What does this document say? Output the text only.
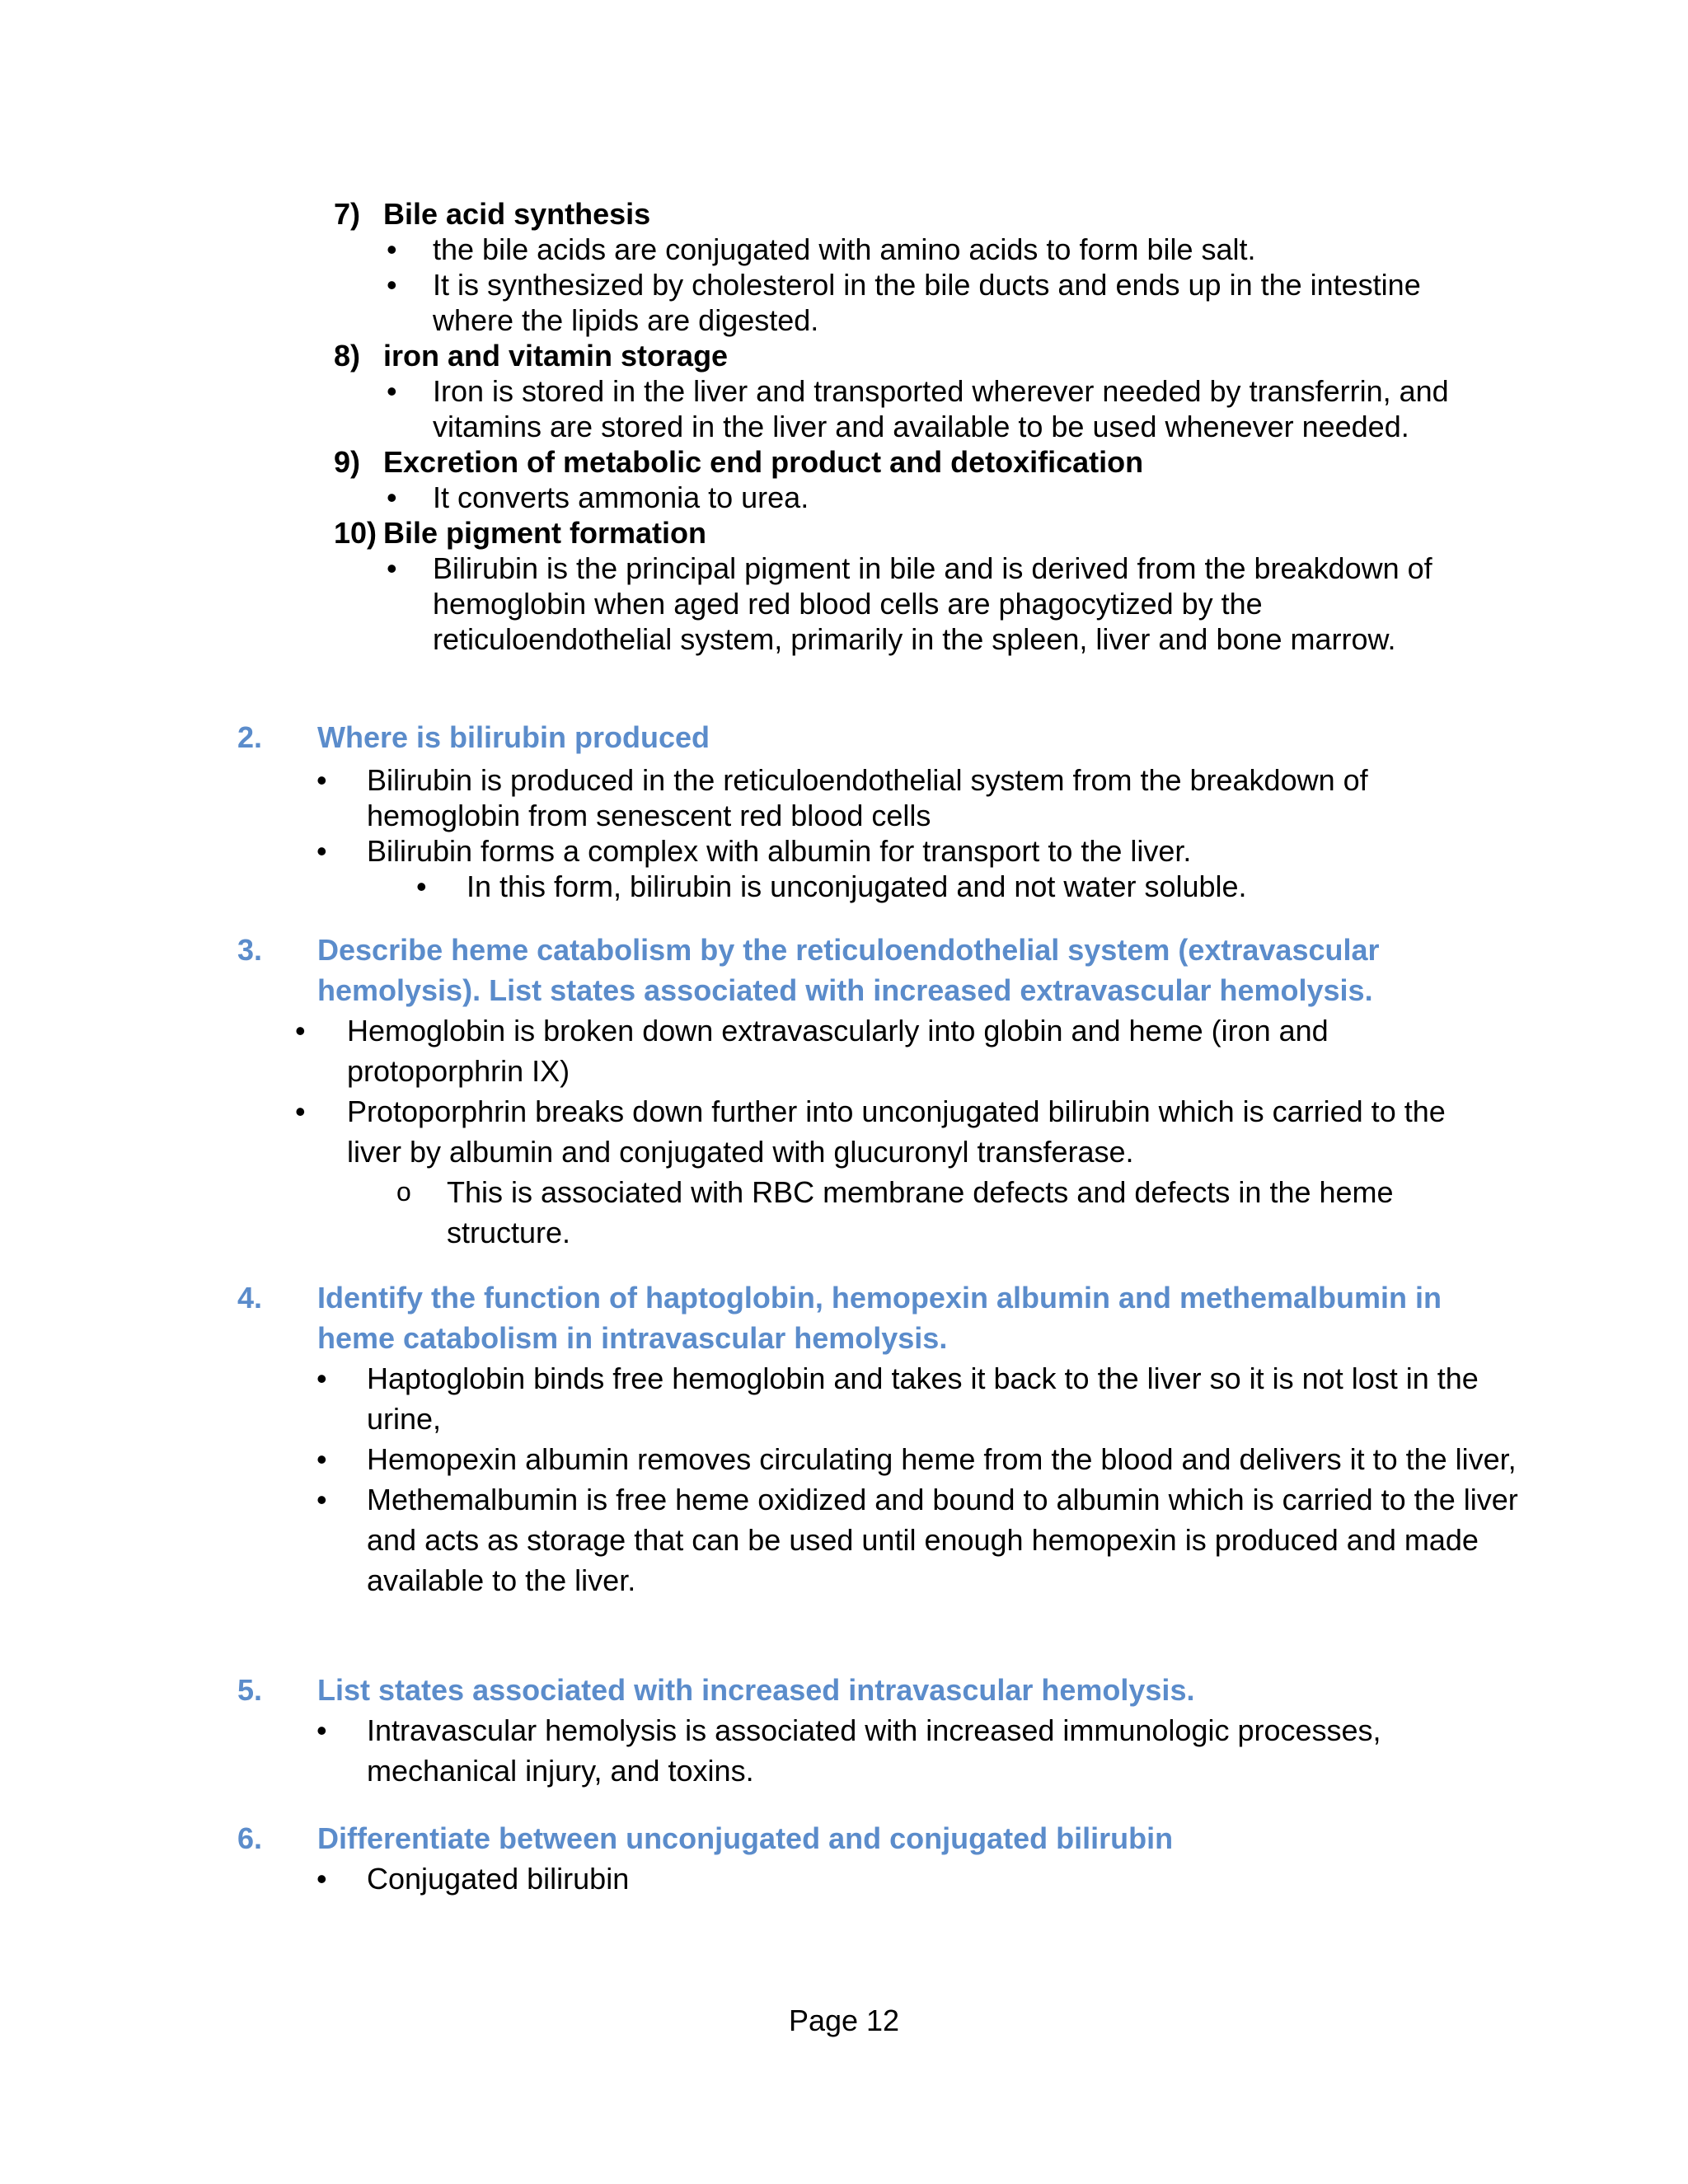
7) Bile acid synthesis
• the bile acids are conjugated with amino acids to form bile salt.
• It is synthesized by cholesterol in the bile ducts and ends up in the intestine where the lipids are digested.
8) iron and vitamin storage
• Iron is stored in the liver and transported wherever needed by transferrin, and vitamins are stored in the liver and available to be used whenever needed.
9) Excretion of metabolic end product and detoxification
• It converts ammonia to urea.
10) Bile pigment formation
• Bilirubin is the principal pigment in bile and is derived from the breakdown of hemoglobin when aged red blood cells are phagocytized by the reticuloendothelial system, primarily in the spleen, liver and bone marrow.
2. Where is bilirubin produced
• Bilirubin is produced in the reticuloendothelial system from the breakdown of hemoglobin from senescent red blood cells
• Bilirubin forms a complex with albumin for transport to the liver.
• In this form, bilirubin is unconjugated and not water soluble.
3. Describe heme catabolism by the reticuloendothelial system (extravascular hemolysis). List states associated with increased extravascular hemolysis.
• Hemoglobin is broken down extravascularly into globin and heme (iron and protoporphrin IX)
• Protoporphrin breaks down further into unconjugated bilirubin which is carried to the liver by albumin and conjugated with glucuronyl transferase.
o This is associated with RBC membrane defects and defects in the heme structure.
4. Identify the function of haptoglobin, hemopexin albumin and methemalbumin in heme catabolism in intravascular hemolysis.
• Haptoglobin binds free hemoglobin and takes it back to the liver so it is not lost in the urine,
• Hemopexin albumin removes circulating heme from the blood and delivers it to the liver,
• Methemalbumin is free heme oxidized and bound to albumin which is carried to the liver and acts as storage that can be used until enough hemopexin is produced and made available to the liver.
5. List states associated with increased intravascular hemolysis.
• Intravascular hemolysis is associated with increased immunologic processes, mechanical injury, and toxins.
6. Differentiate between unconjugated and conjugated bilirubin
• Conjugated bilirubin
Page 12
